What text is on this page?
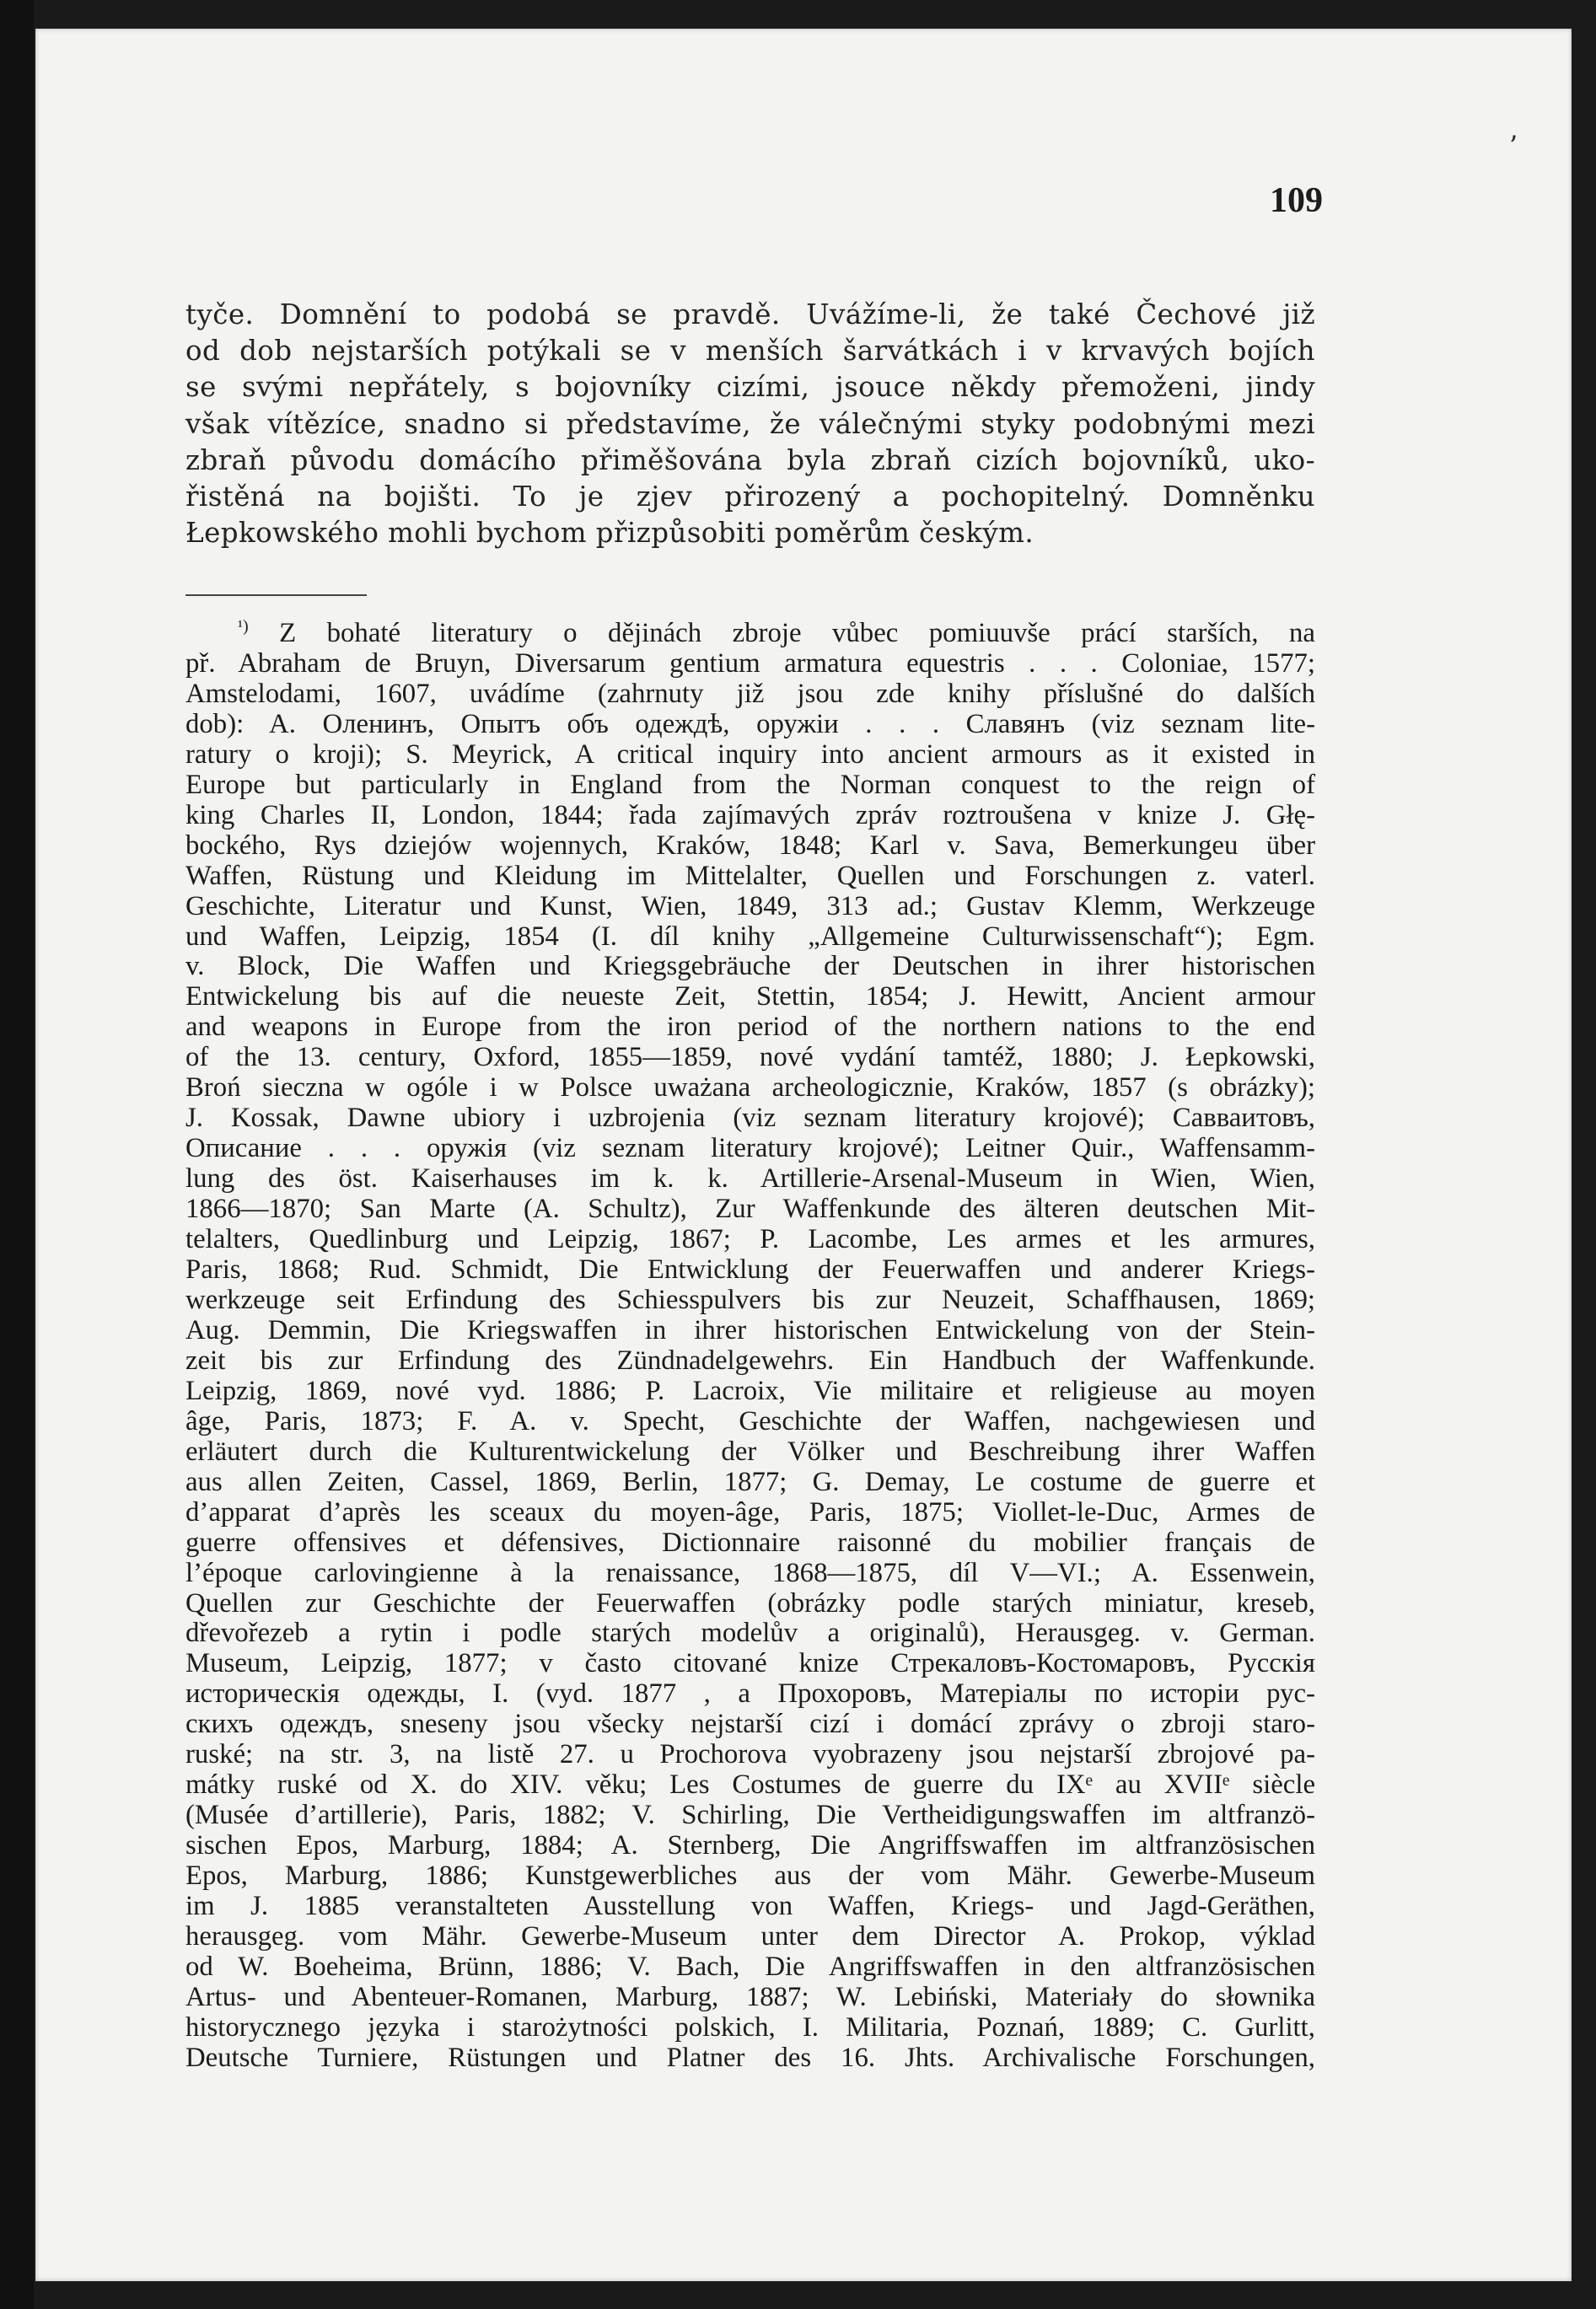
ʼ
109
tyče. Domnění to podobá se pravdě. Uvážíme-li, že také Čechové již
od dob nejstarších potýkali se v menších šarvátkách i v krvavých bojích
se svými nepřátely, s bojovníky cizími, jsouce někdy přemoženi, jindy
však vítězíce, snadno si představíme, že válečnými styky podobnými mezi
zbraň původu domácího přiměšována byla zbraň cizích bojovníků, uko-
řistěná na bojišti. To je zjev přirozený a pochopitelný. Domněnku
Łepkowského mohli bychom přizpůsobiti poměrům českým.
$^{^1)}$ Z bohaté literatury o dějinách zbroje vůbec pomiuuvše prácí starších, na
př. Abraham de Bruyn, Diversarum gentium armatura equestris . . . Coloniae, 1577;
Amstelodami, 1607, uvádíme (zahrnuty již jsou zde knihy příslušné do dalších
dob): A. Оленинъ, Опытъ объ одеждѣ, оружіи . . . Славянъ (viz seznam lite-
ratury o kroji); S. Meyrick, A critical inquiry into ancient armours as it existed in
Europe but particularly in England from the Norman conquest to the reign of
king Charles II, London, 1844; řada zajímavých zpráv roztroušena v knize J. Głę-
bockého, Rys dziejów wojennych, Kraków, 1848; Karl v. Sava, Bemerkungeu über
Waffen, Rüstung und Kleidung im Mittelalter, Quellen und Forschungen z. vaterl.
Geschichte, Literatur und Kunst, Wien, 1849, 313 ad.; Gustav Klemm, Werkzeuge
und Waffen, Leipzig, 1854 (I. díl knihy „Allgemeine Culturwissenschaft“); Egm.
v. Block, Die Waffen und Kriegsgebräuche der Deutschen in ihrer historischen
Entwickelung bis auf die neueste Zeit, Stettin, 1854; J. Hewitt, Ancient armour
and weapons in Europe from the iron period of the northern nations to the end
of the 13. century, Oxford, 1855—1859, nové vydání tamtéž, 1880; J. Łepkowski,
Broń sieczna w ogóle i w Polsce uważana archeologicznie, Kraków, 1857 (s obrázky);
J. Kossak, Dawne ubiory i uzbrojenia (viz seznam literatury krojové); Савваитовъ,
Описание . . . оружія (viz seznam literatury krojové); Leitner Quir., Waffensamm-
lung des öst. Kaiserhauses im k. k. Artillerie-Arsenal-Museum in Wien, Wien,
1866—1870; San Marte (A. Schultz), Zur Waffenkunde des älteren deutschen Mit-
telalters, Quedlinburg und Leipzig, 1867; P. Lacombe, Les armes et les armures,
Paris, 1868; Rud. Schmidt, Die Entwicklung der Feuerwaffen und anderer Kriegs-
werkzeuge seit Erfindung des Schiesspulvers bis zur Neuzeit, Schaffhausen, 1869;
Aug. Demmin, Die Kriegswaffen in ihrer historischen Entwickelung von der Stein-
zeit bis zur Erfindung des Zündnadelgewehrs. Ein Handbuch der Waffenkunde.
Leipzig, 1869, nové vyd. 1886; P. Lacroix, Vie militaire et religieuse au moyen
âge, Paris, 1873; F. A. v. Specht, Geschichte der Waffen, nachgewiesen und
erläutert durch die Kulturentwickelung der Völker und Beschreibung ihrer Waffen
aus allen Zeiten, Cassel, 1869, Berlin, 1877; G. Demay, Le costume de guerre et
d’apparat d’après les sceaux du moyen-âge, Paris, 1875; Viollet-le-Duc, Armes de
guerre offensives et défensives, Dictionnaire raisonné du mobilier français de
l’époque carlovingienne à la renaissance, 1868—1875, díl V—VI.; A. Essenwein,
Quellen zur Geschichte der Feuerwaffen (obrázky podle starých miniatur, kreseb,
dřevořezeb a rytin i podle starých modelův a originalů), Herausgeg. v. German.
Museum, Leipzig, 1877; v často citované knize Стрекаловъ-Костомаровъ, Русскія
историческія одежды, I. (vyd. 1877 , a Прохоровъ, Матеріалы по исторіи рус-
скихъ одеждъ, sneseny jsou všecky nejstarší cizí i domácí zprávy o zbroji staro-
ruské; na str. 3, na listě 27. u Prochorova vyobrazeny jsou nejstarší zbrojové pa-
mátky ruské od X. do XIV. věku; Les Costumes de guerre du IXᵉ au XVIIᵉ siècle
(Musée d’artillerie), Paris, 1882; V. Schirling, Die Vertheidigungswaffen im altfranzö-
sischen Epos, Marburg, 1884; A. Sternberg, Die Angriffswaffen im altfranzösischen
Epos, Marburg, 1886; Kunstgewerbliches aus der vom Mähr. Gewerbe-Museum
im J. 1885 veranstalteten Ausstellung von Waffen, Kriegs- und Jagd-Geräthen,
herausgeg. vom Mähr. Gewerbe-Museum unter dem Director A. Prokop, výklad
od W. Boeheima, Brünn, 1886; V. Bach, Die Angriffswaffen in den altfranzösischen
Artus- und Abenteuer-Romanen, Marburg, 1887; W. Lebiński, Materiały do słownika
historycznego języka i starożytności polskich, I. Militaria, Poznań, 1889; C. Gurlitt,
Deutsche Turniere, Rüstungen und Platner des 16. Jhts. Archivalische Forschungen,
